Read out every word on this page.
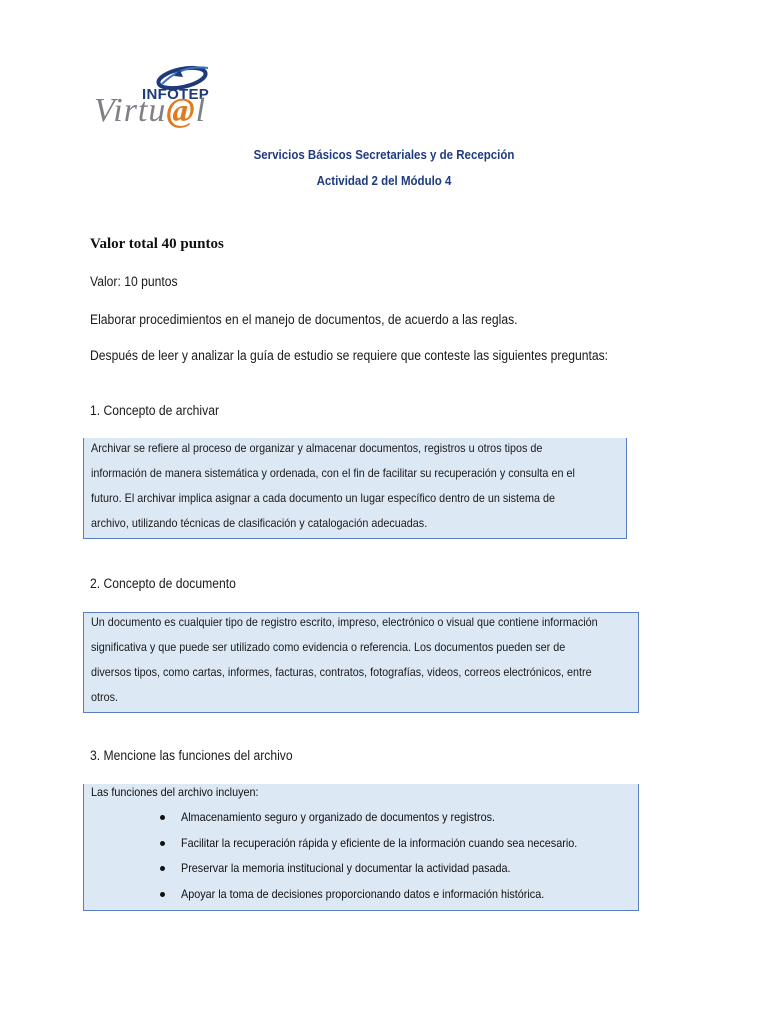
INFOTEP
Virtu@l
Servicios Básicos Secretariales y de Recepción
Actividad 2 del Módulo 4
Valor total 40 puntos
Valor: 10 puntos
Elaborar procedimientos en el manejo de documentos, de acuerdo a las reglas.
Después de leer y analizar la guía de estudio se requiere que conteste las siguientes preguntas:
1. Concepto de archivar
Archivar se refiere al proceso de organizar y almacenar documentos, registros u otros tipos de
información de manera sistemática y ordenada, con el fin de facilitar su recuperación y consulta en el
futuro. El archivar implica asignar a cada documento un lugar específico dentro de un sistema de
archivo, utilizando técnicas de clasificación y catalogación adecuadas.
2. Concepto de documento
Un documento es cualquier tipo de registro escrito, impreso, electrónico o visual que contiene información
significativa y que puede ser utilizado como evidencia o referencia. Los documentos pueden ser de
diversos tipos, como cartas, informes, facturas, contratos, fotografías, videos, correos electrónicos, entre
otros.
3. Mencione las funciones del archivo
Las funciones del archivo incluyen:
Almacenamiento seguro y organizado de documentos y registros.
Facilitar la recuperación rápida y eficiente de la información cuando sea necesario.
Preservar la memoria institucional y documentar la actividad pasada.
Apoyar la toma de decisiones proporcionando datos e información histórica.
